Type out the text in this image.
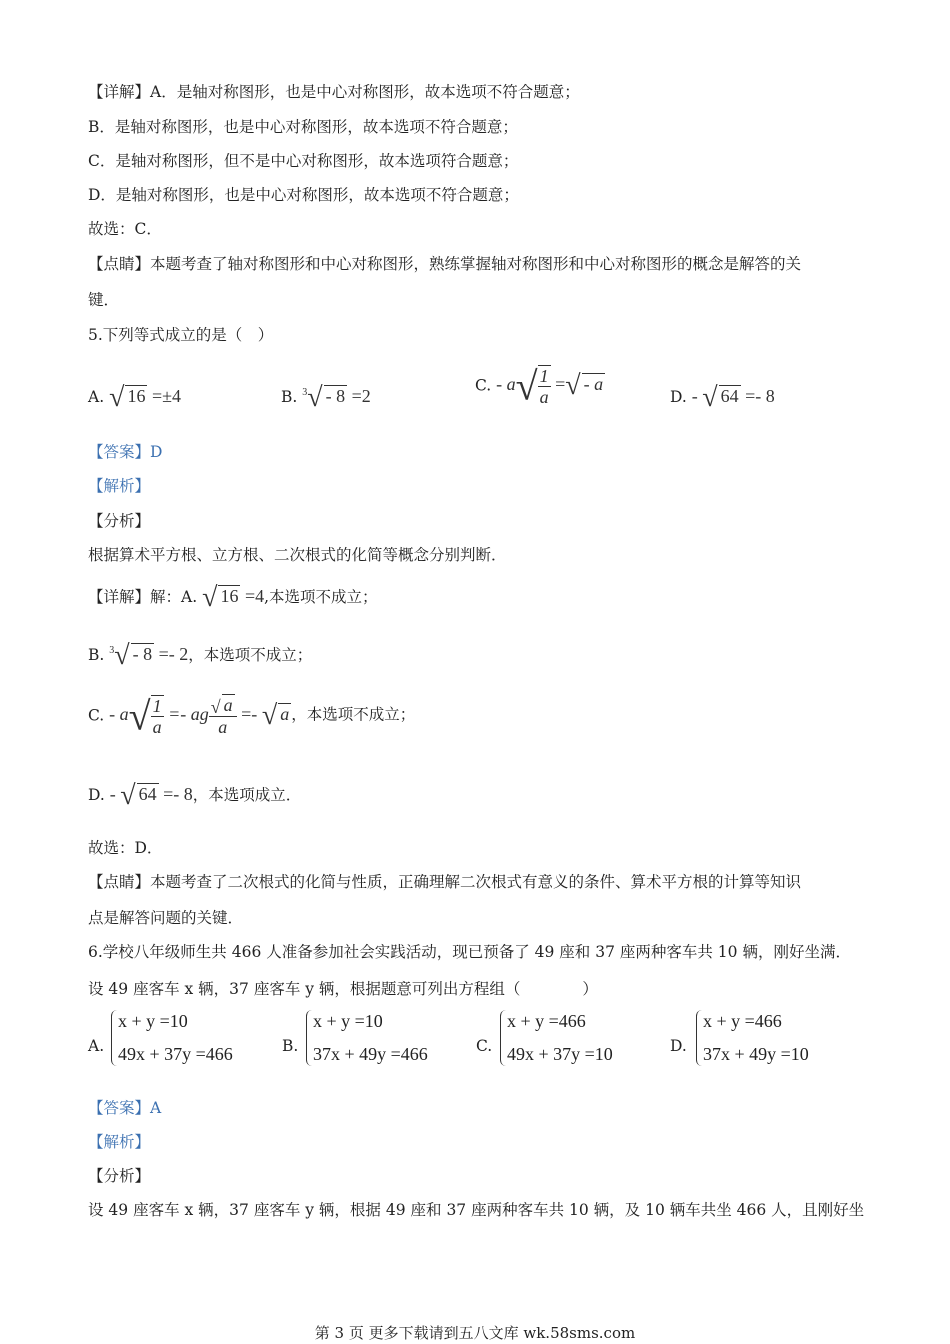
【详解】A．是轴对称图形，也是中心对称图形，故本选项不符合题意；
B．是轴对称图形，也是中心对称图形，故本选项不符合题意；
C．是轴对称图形，但不是中心对称图形，故本选项符合题意；
D．是轴对称图形，也是中心对称图形，故本选项不符合题意；
故选：C．
【点睛】本题考查了轴对称图形和中心对称图形，熟练掌握轴对称图形和中心对称图形的概念是解答的关
键．
5.下列等式成立的是（　）
A. √ 16 =±4	B. $^3$√ - 8 =2
C. - $a√ \frac{1}{a}$ =√ - a
D. - √ 64 =- 8
【答案】D
【解析】
【分析】
根据算术平方根、立方根、二次根式的化简等概念分别判断．
【详解】解：A. √ 16 =4,本选项不成立；
B. $^3$√ - 8 =- 2，本选项不成立；
C. - $a√ \frac{1}{a}$ =- ag $\frac{√ a}{a}$ =- √ a ，本选项不成立；
D. - √ 64 =- 8，本选项成立．
故选：D．
【点睛】本题考查了二次根式的化简与性质，正确理解二次根式有意义的条件、算术平方根的计算等知识
点是解答问题的关键．
6.学校八年级师生共 466 人准备参加社会实践活动，现已预备了 49 座和 37 座两种客车共 10 辆，刚好坐满．
设 49 座客车 x 辆，37 座客车 y 辆，根据题意可列出方程组（　　　　）
A.
x + y =10
49x + 37y =466	B.
x + y =10
37x + 49y =466	C.
x + y =466
49x + 37y =10	D.
x + y =466
37x + 49y =10
【答案】A
【解析】
【分析】
设 49 座客车 x 辆，37 座客车 y 辆，根据 49 座和 37 座两种客车共 10 辆，及 10 辆车共坐 466 人，且刚好坐
第 3 页 更多下载请到五八文库 wk.58sms.com
